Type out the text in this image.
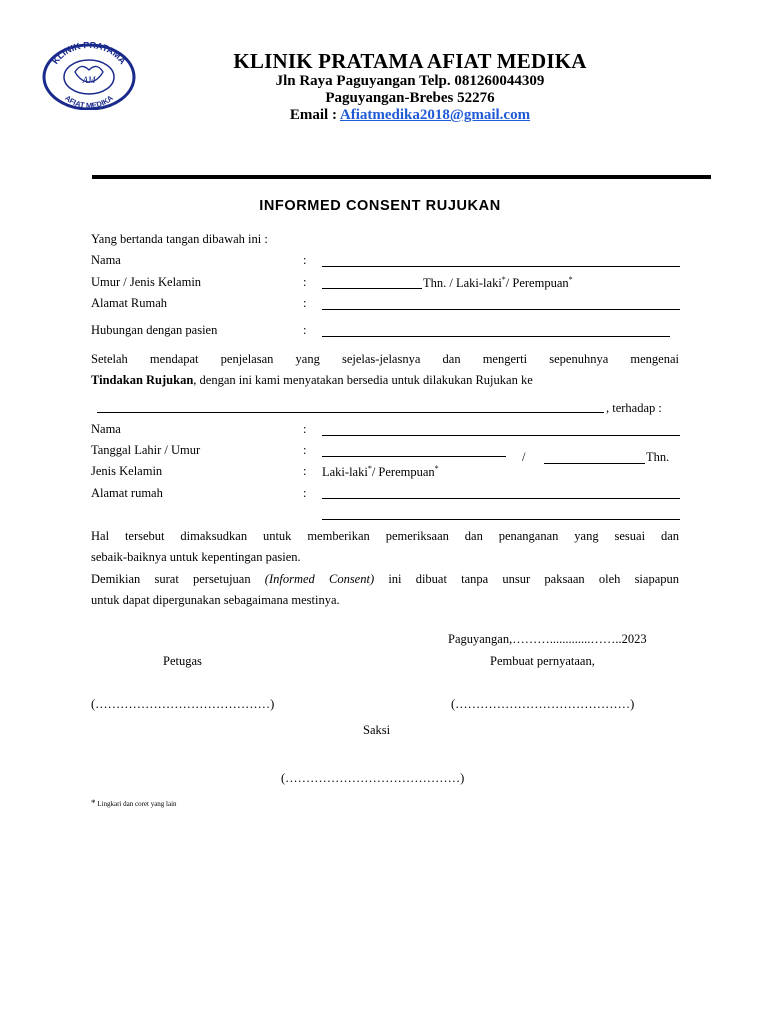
KLINIK PRATAMA
AFIAT MEDIKA
AM
KLINIK PRATAMA AFIAT MEDIKA
Jln Raya Paguyangan Telp. 081260044309
Paguyangan-Brebes 52276
Email : Afiatmedika2018@gmail.com
INFORMED CONSENT RUJUKAN
Yang bertanda tangan dibawah ini :
Nama	:
Umur / Jenis Kelamin	:	Thn. / Laki-laki*/ Perempuan*
Alamat Rumah	:
Hubungan dengan pasien	:
Setelah mendapat penjelasan yang sejelas-jelasnya dan mengerti sepenuhnya mengenai
Tindakan Rujukan, dengan ini kami menyatakan bersedia untuk dilakukan Rujukan ke
, terhadap :
Nama	:
Tanggal Lahir / Umur	:	/	Thn.
Jenis Kelamin	: Laki-laki*/ Perempuan*
Alamat rumah	:
Hal tersebut dimaksudkan untuk memberikan pemeriksaan dan penanganan yang sesuai dan
sebaik-baiknya untuk kepentingan pasien.
Demikian surat persetujuan (Informed Consent) ini dibuat tanpa unsur paksaan oleh siapapun
untuk dapat dipergunakan sebagaimana mestinya.
Paguyangan,……….............……..2023
Petugas	Pembuat pernyataan,
(……………………………………)	(……………………………………)
Saksi
(……………………………………)
* Lingkari dan coret yang lain
